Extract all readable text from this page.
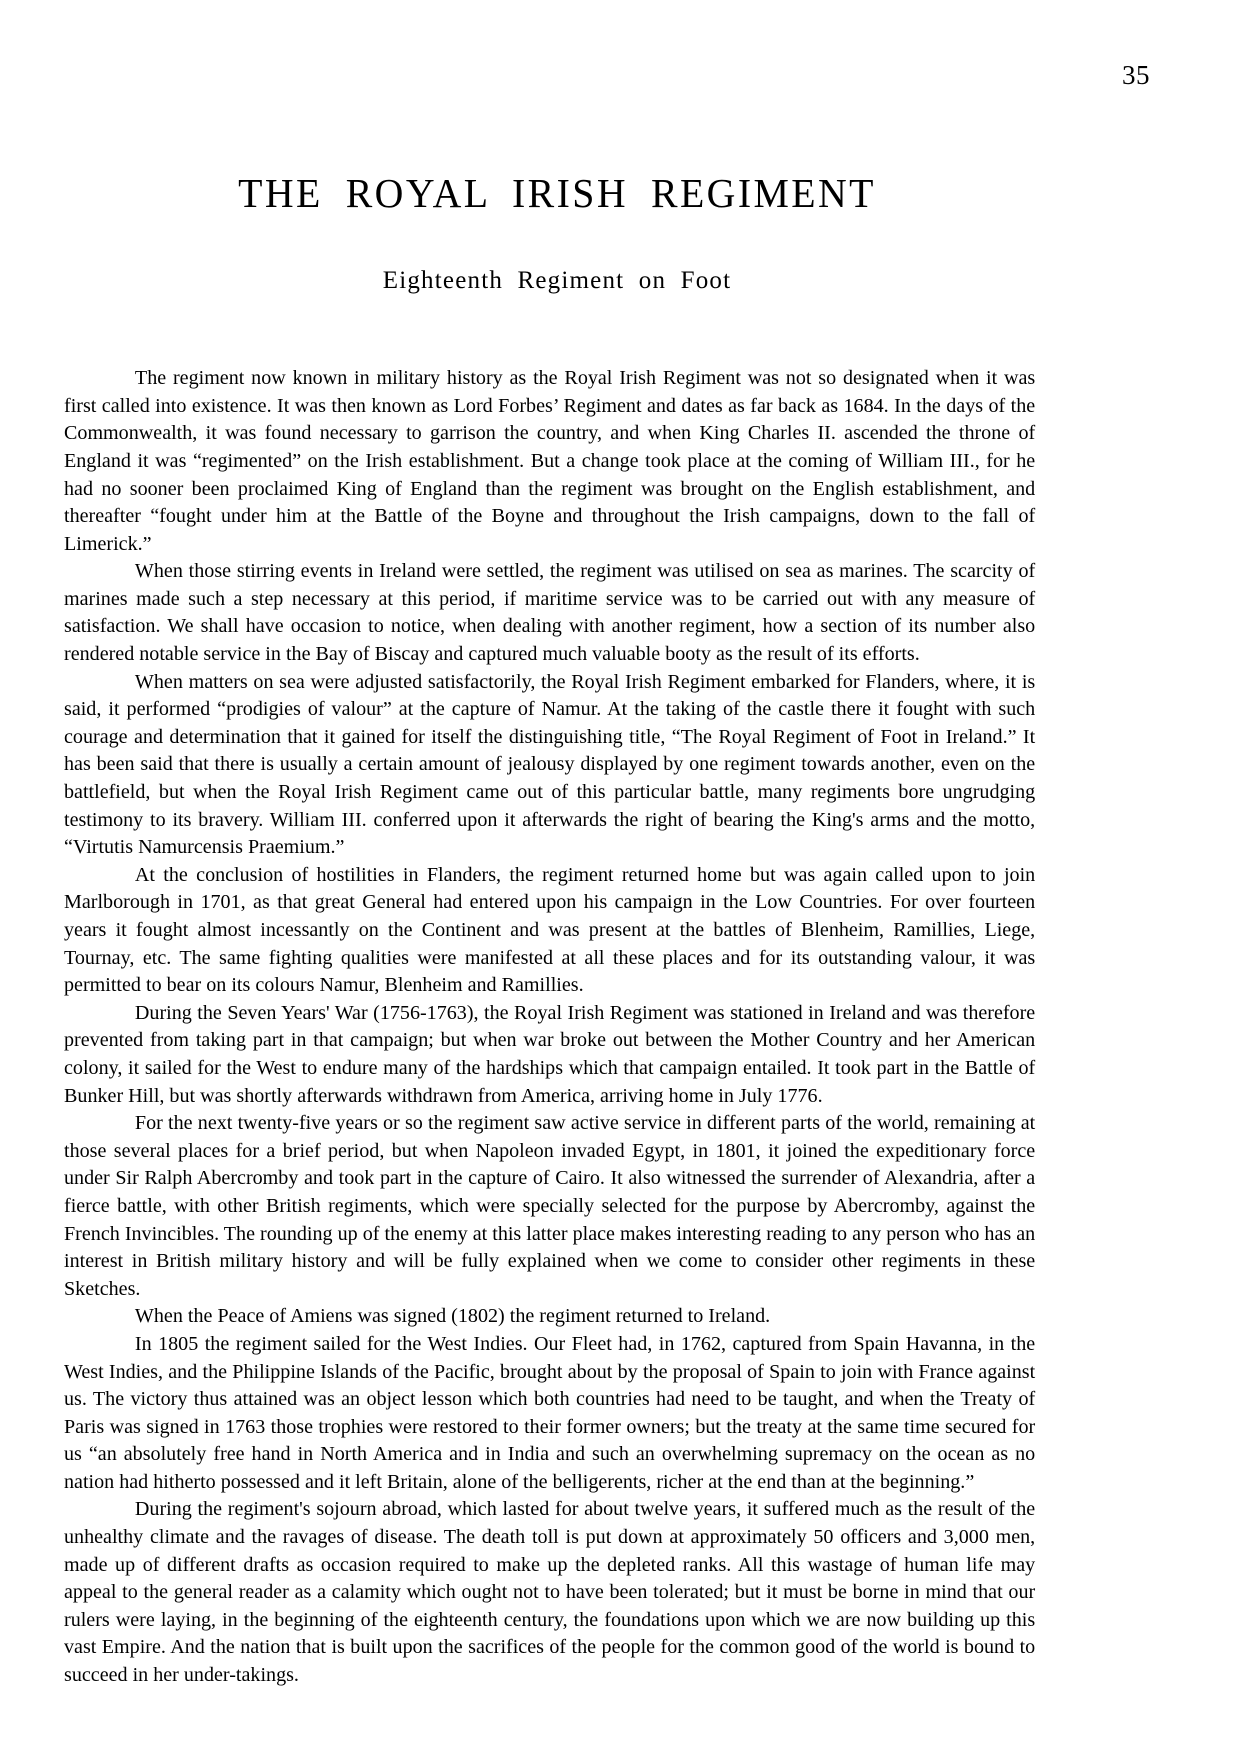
35
THE ROYAL IRISH REGIMENT
Eighteenth Regiment on Foot

The regiment now known in military history as the Royal Irish Regiment was not so designated when it was first called into existence. It was then known as Lord Forbes’ Regiment and dates as far back as 1684. In the days of the Commonwealth, it was found necessary to garrison the country, and when King Charles II. ascended the throne of England it was “regimented” on the Irish establishment. But a change took place at the coming of William III., for he had no sooner been proclaimed King of England than the regiment was brought on the English establishment, and thereafter “fought under him at the Battle of the Boyne and throughout the Irish campaigns, down to the fall of Limerick.”

When those stirring events in Ireland were settled, the regiment was utilised on sea as marines. The scarcity of marines made such a step necessary at this period, if maritime service was to be carried out with any measure of satisfaction. We shall have occasion to notice, when dealing with another regiment, how a section of its number also rendered notable service in the Bay of Biscay and captured much valuable booty as the result of its efforts.

When matters on sea were adjusted satisfactorily, the Royal Irish Regiment embarked for Flanders, where, it is said, it performed “prodigies of valour” at the capture of Namur. At the taking of the castle there it fought with such courage and determination that it gained for itself the distinguishing title, “The Royal Regiment of Foot in Ireland.” It has been said that there is usually a certain amount of jealousy displayed by one regiment towards another, even on the battlefield, but when the Royal Irish Regiment came out of this particular battle, many regiments bore ungrudging testimony to its bravery. William III. conferred upon it afterwards the right of bearing the King's arms and the motto, “Virtutis Namurcensis Praemium.”

At the conclusion of hostilities in Flanders, the regiment returned home but was again called upon to join Marlborough in 1701, as that great General had entered upon his campaign in the Low Countries. For over fourteen years it fought almost incessantly on the Continent and was present at the battles of Blenheim, Ramillies, Liege, Tournay, etc. The same fighting qualities were manifested at all these places and for its outstanding valour, it was permitted to bear on its colours Namur, Blenheim and Ramillies.

During the Seven Years' War (1756-1763), the Royal Irish Regiment was stationed in Ireland and was therefore prevented from taking part in that campaign; but when war broke out between the Mother Country and her American colony, it sailed for the West to endure many of the hardships which that campaign entailed. It took part in the Battle of Bunker Hill, but was shortly afterwards withdrawn from America, arriving home in July 1776.

For the next twenty-five years or so the regiment saw active service in different parts of the world, remaining at those several places for a brief period, but when Napoleon invaded Egypt, in 1801, it joined the expeditionary force under Sir Ralph Abercromby and took part in the capture of Cairo. It also witnessed the surrender of Alexandria, after a fierce battle, with other British regiments, which were specially selected for the purpose by Abercromby, against the French Invincibles. The rounding up of the enemy at this latter place makes interesting reading to any person who has an interest in British military history and will be fully explained when we come to consider other regiments in these Sketches.

When the Peace of Amiens was signed (1802) the regiment returned to Ireland.

In 1805 the regiment sailed for the West Indies. Our Fleet had, in 1762, captured from Spain Havanna, in the West Indies, and the Philippine Islands of the Pacific, brought about by the proposal of Spain to join with France against us. The victory thus attained was an object lesson which both countries had need to be taught, and when the Treaty of Paris was signed in 1763 those trophies were restored to their former owners; but the treaty at the same time secured for us “an absolutely free hand in North America and in India and such an overwhelming supremacy on the ocean as no nation had hitherto possessed and it left Britain, alone of the belligerents, richer at the end than at the beginning.”

During the regiment's sojourn abroad, which lasted for about twelve years, it suffered much as the result of the unhealthy climate and the ravages of disease. The death toll is put down at approximately 50 officers and 3,000 men, made up of different drafts as occasion required to make up the depleted ranks. All this wastage of human life may appeal to the general reader as a calamity which ought not to have been tolerated; but it must be borne in mind that our rulers were laying, in the beginning of the eighteenth century, the foundations upon which we are now building up this vast Empire. And the nation that is built upon the sacrifices of the people for the common good of the world is bound to succeed in her under-takings.
